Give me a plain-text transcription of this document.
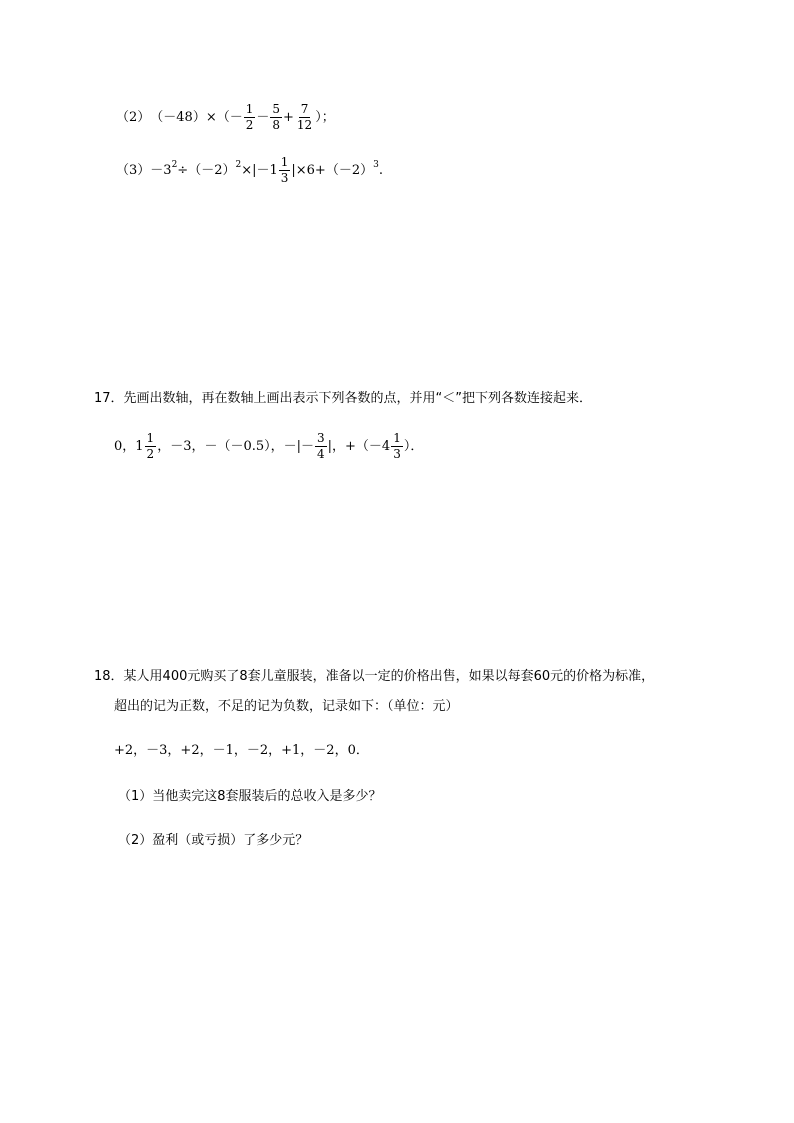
（2） $(-48)\times(- \frac{1}{2} - \frac{5}{8} + \frac{7}{12}$ ）；
（3） －3 2 ÷（－2） $2 \times|-1 \frac{1}{3} |\times 6+(-2)$ 3 .
17．先画出数轴，再在数轴上画出表示下列各数的点，并用“＜”把下列各数连接起来．
0，$1 \frac{1}{2}$ ，－3，－（－0.5），－|－ $\frac{3}{4}$ |，$+(-4 \frac{1}{3}$ ）．
18．某人用400元购买了8套儿童服装，准备以一定的价格出售，如果以每套60元的价格为标准，
超出的记为正数，不足的记为负数，记录如下：（单位：元）
+2，－3，+2，－1，－2，+1，－2，0．
（1）当他卖完这8套服装后的总收入是多少？
（2）盈利（或亏损）了多少元？
